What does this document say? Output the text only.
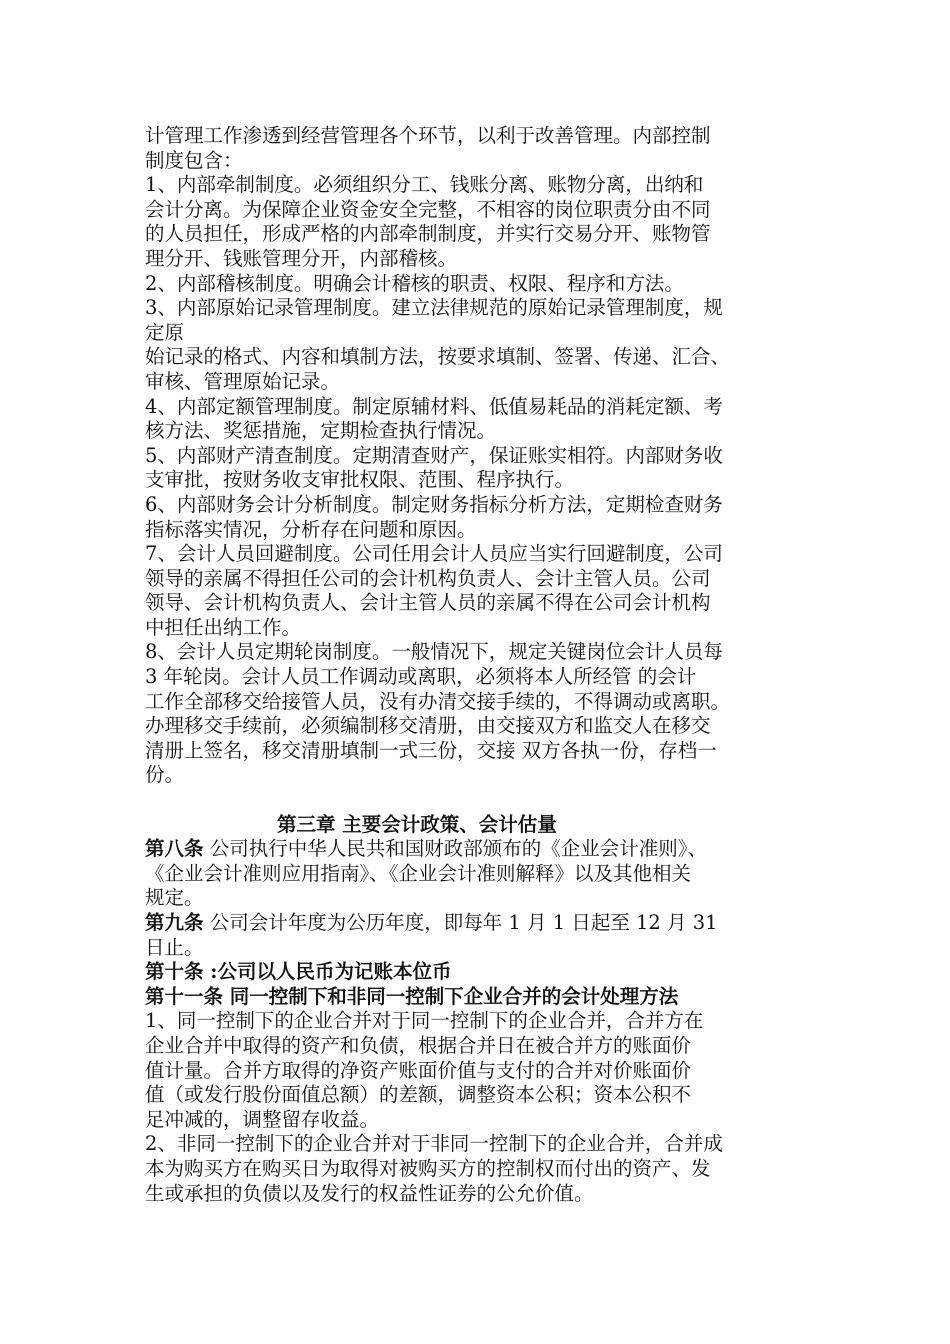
计管理工作渗透到经营管理各个环节，以利于改善管理。内部控制
制度包含：
1、内部牵制制度。必须组织分工、钱账分离、账物分离，出纳和
会计分离。为保障企业资金安全完整，不相容的岗位职责分由不同
的人员担任，形成严格的内部牵制制度，并实行交易分开、账物管
理分开、钱账管理分开，内部稽核。
2、内部稽核制度。明确会计稽核的职责、权限、程序和方法。
3、内部原始记录管理制度。建立法律规范的原始记录管理制度，规
定原
始记录的格式、内容和填制方法，按要求填制、签署、传递、汇合、
审核、管理原始记录。
4、内部定额管理制度。制定原辅材料、低值易耗品的消耗定额、考
核方法、奖惩措施，定期检查执行情况。
5、内部财产清查制度。定期清查财产，保证账实相符。内部财务收
支审批，按财务收支审批权限、范围、程序执行。
6、内部财务会计分析制度。制定财务指标分析方法，定期检查财务
指标落实情况，分析存在问题和原因。
7、会计人员回避制度。公司任用会计人员应当实行回避制度，公司
领导的亲属不得担任公司的会计机构负责人、会计主管人员。公司
领导、会计机构负责人、会计主管人员的亲属不得在公司会计机构
中担任出纳工作。
8、会计人员定期轮岗制度。一般情况下，规定关键岗位会计人员每
3 年轮岗。会计人员工作调动或离职，必须将本人所经管 的会计
工作全部移交给接管人员，没有办清交接手续的，不得调动或离职。
办理移交手续前，必须编制移交清册，由交接双方和监交人在移交
清册上签名，移交清册填制一式三份，交接 双方各执一份，存档一
份。
第三章 主要会计政策、会计估量
第八条 公司执行中华人民共和国财政部颁布的《企业会计准则》、
《企业会计准则应用指南》、《企业会计准则解释》以及其他相关
规定。
第九条 公司会计年度为公历年度，即每年 1 月 1 日起至 12 月 31
日止。
第十条 :公司以人民币为记账本位币
第十一条 同一控制下和非同一控制下企业合并的会计处理方法
1、同一控制下的企业合并对于同一控制下的企业合并，合并方在
企业合并中取得的资产和负债，根据合并日在被合并方的账面价
值计量。合并方取得的净资产账面价值与支付的合并对价账面价
值（或发行股份面值总额）的差额，调整资本公积；资本公积不
足冲减的，调整留存收益。
2、非同一控制下的企业合并对于非同一控制下的企业合并，合并成
本为购买方在购买日为取得对被购买方的控制权而付出的资产、发
生或承担的负债以及发行的权益性证券的公允价值。
